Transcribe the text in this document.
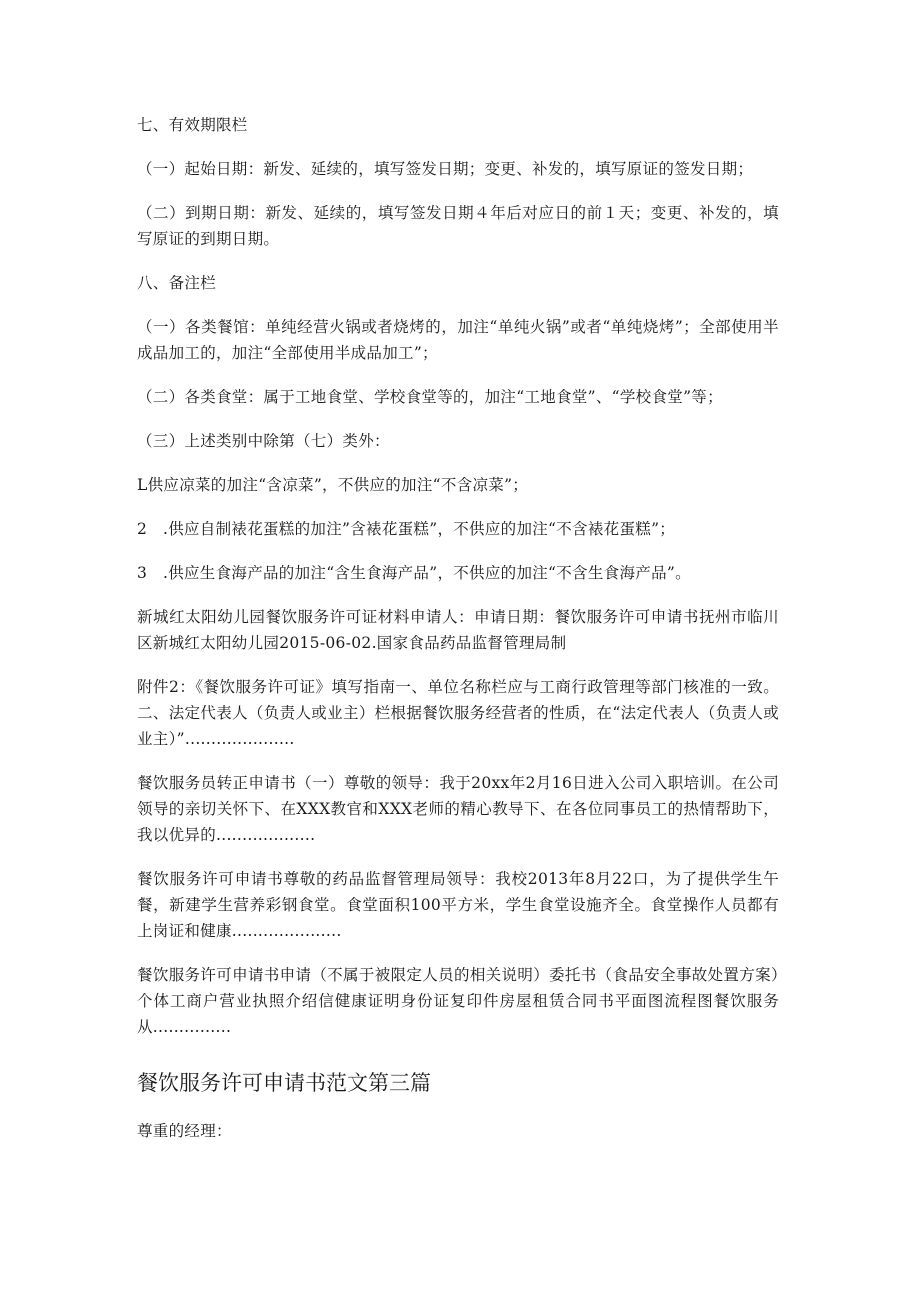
七、有效期限栏

（一）起始日期：新发、延续的，填写签发日期；变更、补发的，填写原证的签发日期；

（二）到期日期：新发、延续的，填写签发日期４年后对应日的前１天；变更、补发的，填写原证的到期日期。

八、备注栏

（一）各类餐馆：单纯经营火锅或者烧烤的，加注“单纯火锅”或者“单纯烧烤”；全部使用半成品加工的，加注“全部使用半成品加工”；

（二）各类食堂：属于工地食堂、学校食堂等的，加注“工地食堂”、“学校食堂”等；

（三）上述类别中除第（七）类外：

L供应凉菜的加注“含凉菜”，不供应的加注“不含凉菜”；

2　.供应自制裱花蛋糕的加注”含裱花蛋糕”，不供应的加注“不含裱花蛋糕”；

3　.供应生食海产品的加注“含生食海产品”，不供应的加注“不含生食海产品”。

新城红太阳幼儿园餐饮服务许可证材料申请人：申请日期：餐饮服务许可申请书抚州市临川区新城红太阳幼儿园2015-06-02.国家食品药品监督管理局制

附件2：《餐饮服务许可证》填写指南一、单位名称栏应与工商行政管理等部门核准的一致。二、法定代表人（负责人或业主）栏根据餐饮服务经营者的性质，在“法定代表人（负责人或业主）”.....................

餐饮服务员转正申请书（一）尊敬的领导：我于20xx年2月16日进入公司入职培训。在公司领导的亲切关怀下、在XXX教官和XXX老师的精心教导下、在各位同事员工的热情帮助下，我以优异的...................

餐饮服务许可申请书尊敬的药品监督管理局领导：我校2013年8月22口，为了提供学生午餐，新建学生营养彩钢食堂。食堂面积100平方米，学生食堂设施齐全。食堂操作人员都有上岗证和健康.....................

餐饮服务许可申请书申请（不属于被限定人员的相关说明）委托书（食品安全事故处置方案）个体工商户营业执照介绍信健康证明身份证复印件房屋租赁合同书平面图流程图餐饮服务从...............

餐饮服务许可申请书范文第三篇

尊重的经理：
